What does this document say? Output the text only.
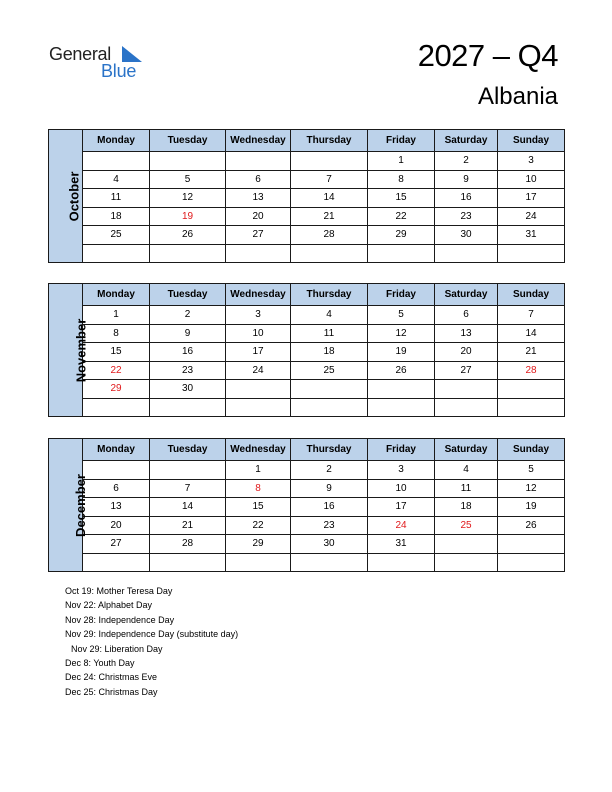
General
Blue	2027 – Q4
Albania
October	Monday	Tuesday	Wednesday	Thursday	Friday	Saturday	Sunday
					1	2	3
	4	5	6	7	8	9	10
	11	12	13	14	15	16	17
	18	19	20	21	22	23	24
	25	26	27	28	29	30	31

November	Monday	Tuesday	Wednesday	Thursday	Friday	Saturday	Sunday
	1	2	3	4	5	6	7
	8	9	10	11	12	13	14
	15	16	17	18	19	20	21
	22	23	24	25	26	27	28
	29	30					

December	Monday	Tuesday	Wednesday	Thursday	Friday	Saturday	Sunday
			1	2	3	4	5
	6	7	8	9	10	11	12
	13	14	15	16	17	18	19
	20	21	22	23	24	25	26
	27	28	29	30	31		

Oct 19: Mother Teresa Day
Nov 22: Alphabet Day
Nov 28: Independence Day
Nov 29: Independence Day (substitute day)
Nov 29: Liberation Day
Dec 8: Youth Day
Dec 24: Christmas Eve
Dec 25: Christmas Day
